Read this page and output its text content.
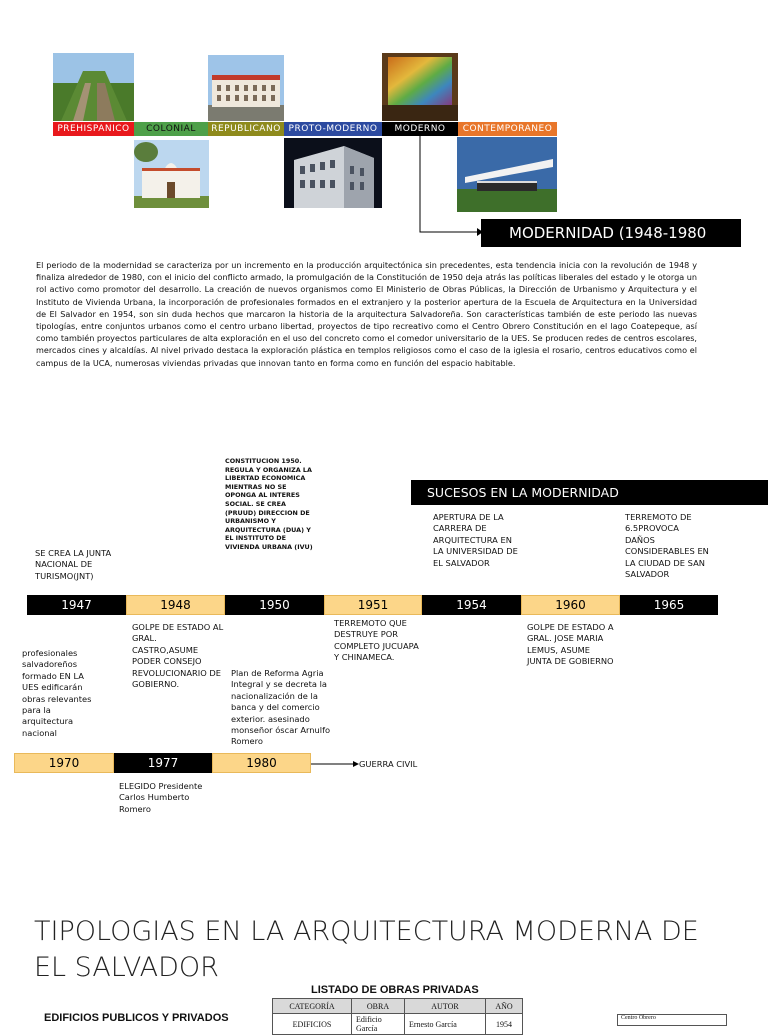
PREHISPANICO	COLONIAL	REPUBLICANO PROTO-MODERNO	MODERNO	CONTEMPORANEO
MODERNIDAD (1948-1980
El periodo de la modernidad se caracteriza por un incremento en la producción arquitectónica sin precedentes, esta tendencia inicia con la revolución de 1948 y finaliza alrededor de 1980, con el inicio del conflicto armado, la promulgación de la Constitución de 1950 deja atrás las políticas liberales del estado y le otorga un rol activo como promotor del desarrollo. La creación de nuevos organismos como El Ministerio de Obras Públicas, la Dirección de Urbanismo y Arquitectura y el Instituto de Vivienda Urbana, la incorporación de profesionales formados en el extranjero y la posterior apertura de la Escuela de Arquitectura en la Universidad de El Salvador en 1954, son sin duda hechos que marcaron la historia de la arquitectura Salvadoreña. Son características también de este periodo las nuevas tipologías, entre conjuntos urbanos como el centro urbano libertad, proyectos de tipo recreativo como el Centro Obrero Constitución en el lago Coatepeque, así como también proyectos particulares de alta exploración en el uso del concreto como el comedor universitario de la UES. Se producen redes de centros escolares, mercados cines y alcaldías. Al nivel privado destaca la exploración plástica en templos religiosos como el caso de la iglesia el rosario, centros educativos como el campus de la UCA, numerosas viviendas privadas que innovan tanto en forma como en función del espacio habitable.
CONSTITUCION 1950. REGULA Y ORGANIZA LA LIBERTAD ECONOMICA MIENTRAS NO SE OPONGA AL INTERES SOCIAL. SE CREA (PRUUD) DIRECCION DE URBANISMO Y ARQUITECTURA (DUA) Y EL INSTITUTO DE VIVIENDA URBANA (IVU)
SUCESOS EN LA MODERNIDAD
APERTURA DE LA CARRERA DE ARQUITECTURA EN LA UNIVERSIDAD DE EL SALVADOR
TERREMOTO DE 6.5PROVOCA DAÑOS CONSIDERABLES EN LA CIUDAD DE SAN SALVADOR
SE CREA LA JUNTA NACIONAL DE TURISMO(JNT)
1947	1948	1950	1951	1954	1960	1965
GOLPE DE ESTADO AL GRAL. CASTRO,ASUME PODER CONSEJO REVOLUCIONARIO DE GOBIERNO.
TERREMOTO QUE DESTRUYE POR COMPLETO JUCUAPA Y CHINAMECA.
GOLPE DE ESTADO A GRAL. JOSE MARIA LEMUS, ASUME JUNTA DE GOBIERNO
profesionales salvadoreños formado EN LA UES edificarán obras relevantes para la arquitectura nacional
Plan de Reforma Agria Integral y se decreta la nacionalización de la banca y del comercio exterior. asesinado monseñor óscar Arnulfo Romero
1970	1977	1980	GUERRA CIVIL
ELEGIDO Presidente Carlos Humberto Romero
TIPOLOGIAS EN LA ARQUITECTURA MODERNA DE EL SALVADOR
LISTADO DE OBRAS PRIVADAS
EDIFICIOS PUBLICOS Y PRIVADOS
CATEGORÍA	OBRA	AUTOR	AÑO
EDIFICIOS	Edificio García	Ernesto García	1954
Centro Obrero
